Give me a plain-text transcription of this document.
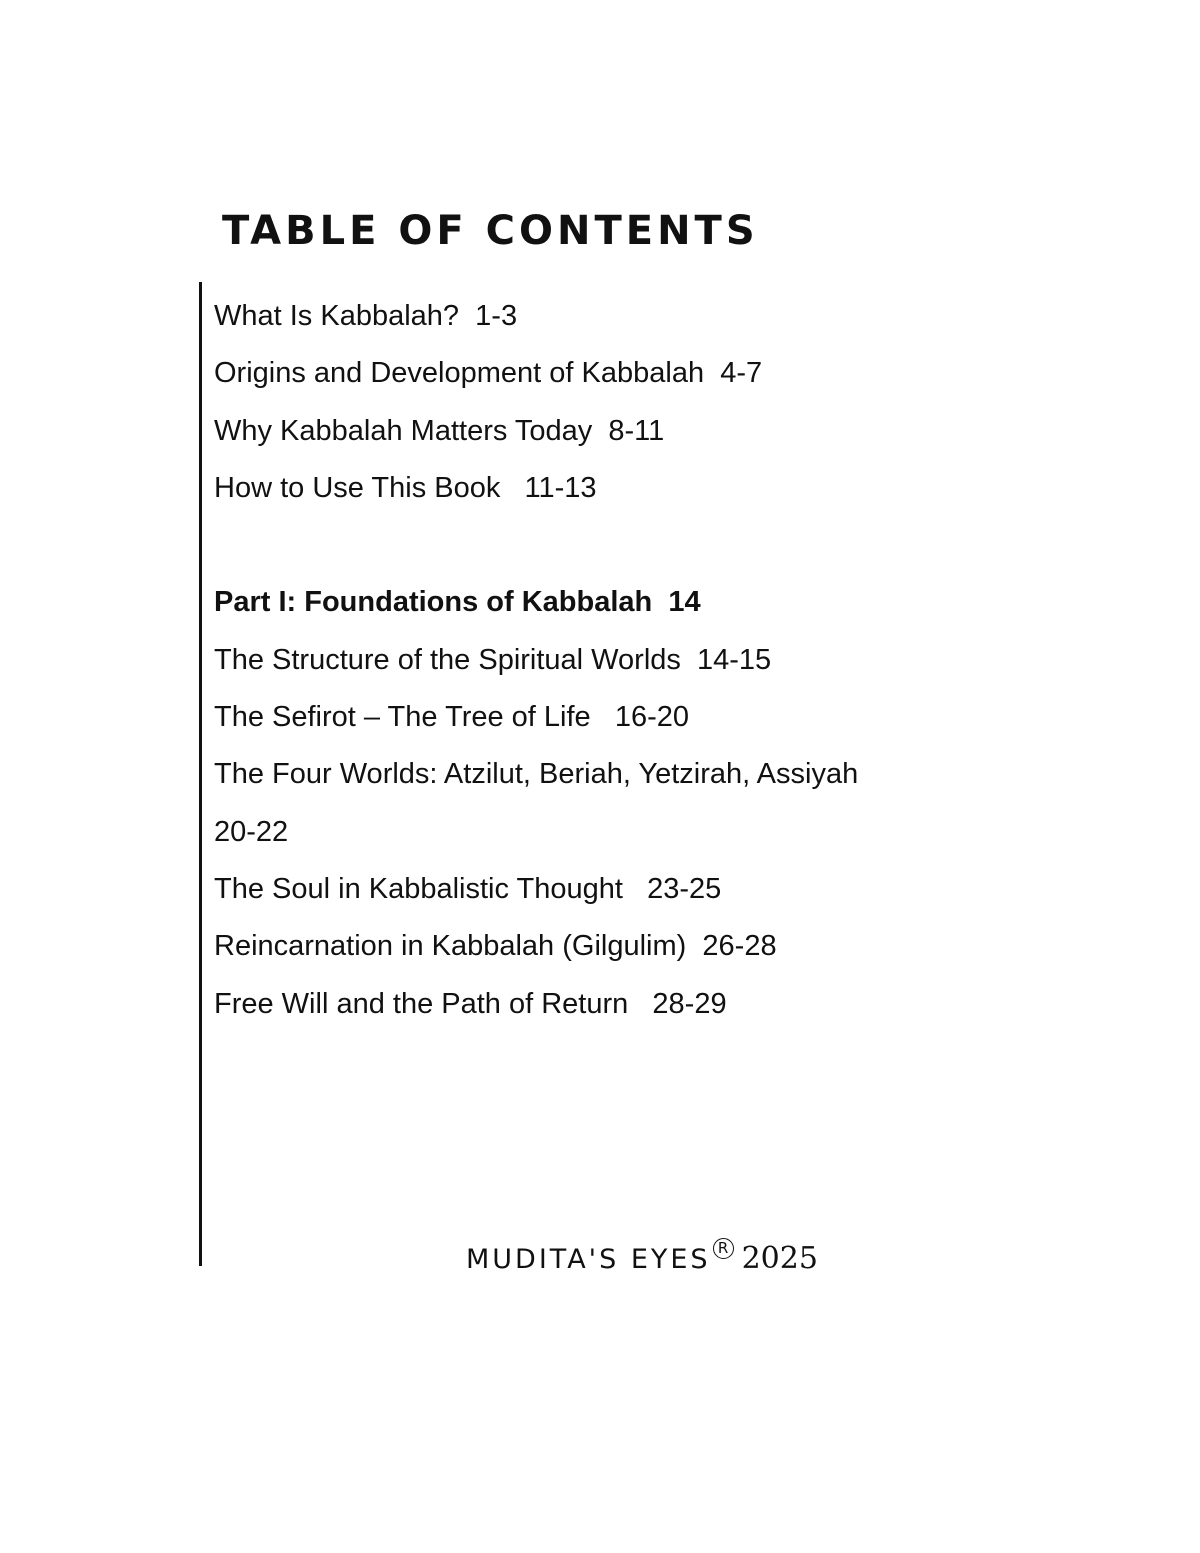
TABLE OF CONTENTS
What Is Kabbalah?  1-3
Origins and Development of Kabbalah  4-7
Why Kabbalah Matters Today  8-11
How to Use This Book   11-13
Part I: Foundations of Kabbalah  14
The Structure of the Spiritual Worlds  14-15
The Sefirot – The Tree of Life   16-20
The Four Worlds: Atzilut, Beriah, Yetzirah, Assiyah
20-22
The Soul in Kabbalistic Thought   23-25
Reincarnation in Kabbalah (Gilgulim)  26-28
Free Will and the Path of Return   28-29
MUDITA'S EYES R 2025
